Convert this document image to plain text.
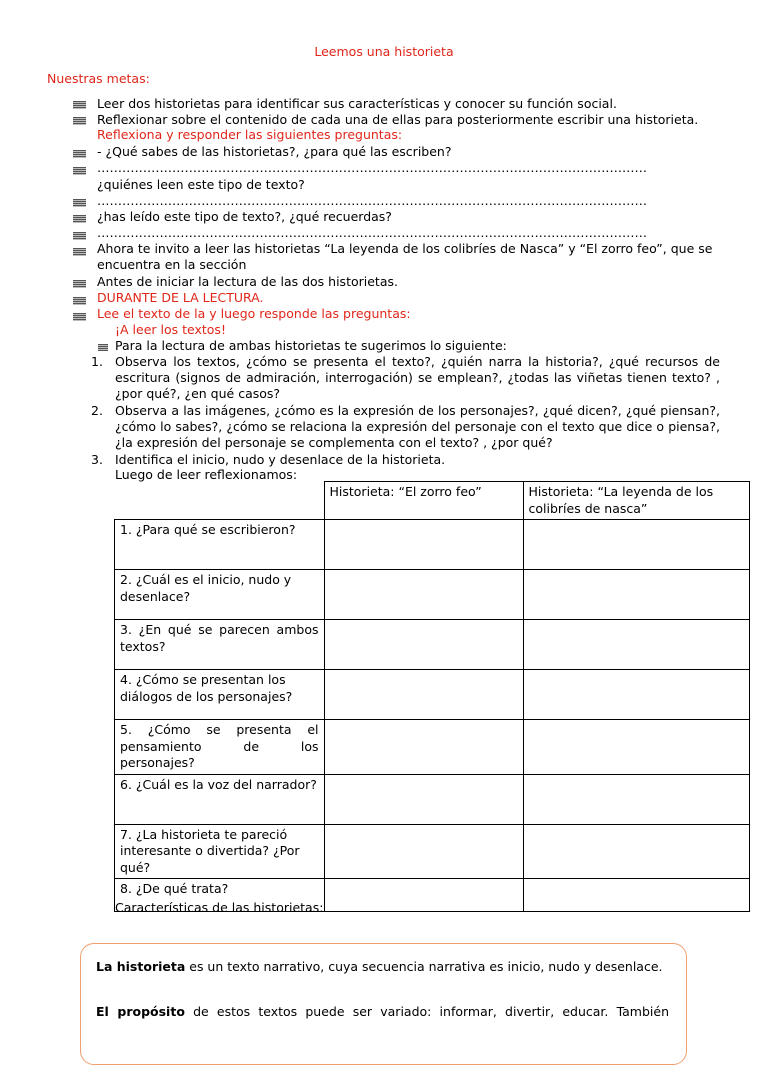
Leemos una historieta
Nuestras metas:
Leer dos historietas para identificar sus características y conocer su función social.
Reflexionar sobre el contenido de cada una de ellas para posteriormente escribir una historieta.
Reflexiona y responder las siguientes preguntas:
- ¿Qué sabes de las historietas?, ¿para qué las escriben?
……………………………………………………………………………………………………………………
¿quiénes leen este tipo de texto?
……………………………………………………………………………………………………………………
¿has leído este tipo de texto?, ¿qué recuerdas?
……………………………………………………………………………………………………………………
Ahora te invito a leer las historietas “La leyenda de los colibríes de Nasca” y “El zorro feo”, que se
encuentra en la sección
Antes de iniciar la lectura de las dos historietas.
DURANTE DE LA LECTURA.
Lee el texto de la y luego responde las preguntas:
¡A leer los textos!
Para la lectura de ambas historietas te sugerimos lo siguiente:
1. Observa los textos, ¿cómo se presenta el texto?, ¿quién narra la historia?, ¿qué recursos de
escritura (signos de admiración, interrogación) se emplean?, ¿todas las viñetas tienen texto? ,
¿por qué?, ¿en qué casos?
2. Observa a las imágenes, ¿cómo es la expresión de los personajes?, ¿qué dicen?, ¿qué piensan?,
¿cómo lo sabes?, ¿cómo se relaciona la expresión del personaje con el texto que dice o piensa?,
¿la expresión del personaje se complementa con el texto? , ¿por qué?
3. Identifica el inicio, nudo y desenlace de la historieta.
Luego de leer reflexionamos:
	Historieta: “El zorro feo”	Historieta: “La leyenda de los colibríes de nasca”
1. ¿Para qué se escribieron?		
2. ¿Cuál es el inicio, nudo y desenlace?		
3. ¿En qué se parecen ambos textos?		
4. ¿Cómo se presentan los diálogos de los personajes?		
5. ¿Cómo se presenta el pensamiento de los personajes?		
6. ¿Cuál es la voz del narrador?		
7. ¿La historieta te pareció interesante o divertida? ¿Por qué?		
8. ¿De qué trata?		
Características de las historietas:
La historieta es un texto narrativo, cuya secuencia narrativa es inicio, nudo y desenlace.
El propósito de estos textos puede ser variado: informar, divertir, educar. También
